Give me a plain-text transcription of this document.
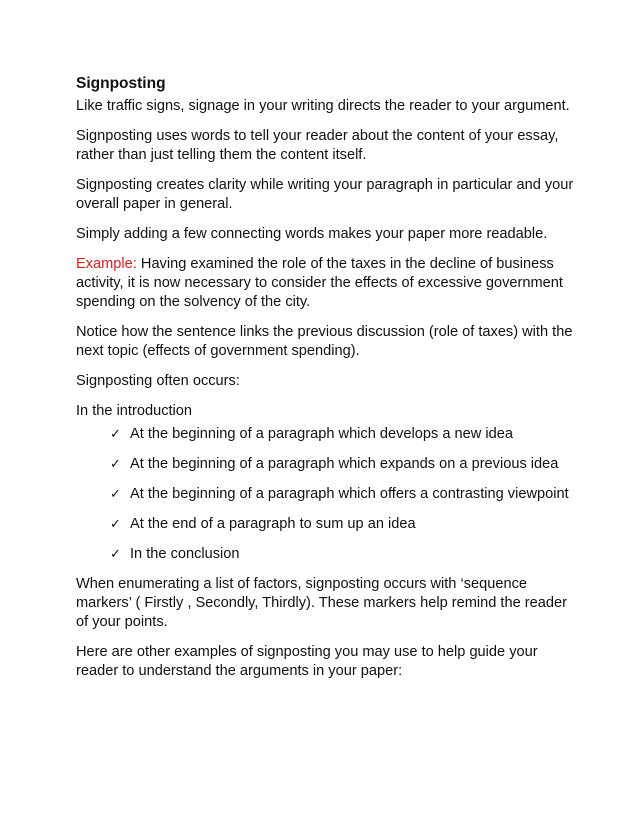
Signposting

Like traffic signs, signage in your writing directs the reader to your argument.

Signposting uses words to tell your reader about the content of your essay, rather than just telling them the content itself.

Signposting creates clarity while writing your paragraph in particular and your overall paper in general.

Simply adding a few connecting words makes your paper more readable.

Example: Having examined the role of the taxes in the decline of business activity, it is now necessary to consider the effects of excessive government spending on the solvency of the city.

Notice how the sentence links the previous discussion (role of taxes) with the next topic (effects of government spending).

Signposting often occurs:

In the introduction

✓ At the beginning of a paragraph which develops a new idea
✓ At the beginning of a paragraph which expands on a previous idea
✓ At the beginning of a paragraph which offers a contrasting viewpoint
✓ At the end of a paragraph to sum up an idea
✓ In the conclusion

When enumerating a list of factors, signposting occurs with ‘sequence markers’ ( Firstly , Secondly, Thirdly). These markers help remind the reader of your points.

Here are other examples of signposting you may use to help guide your reader to understand the arguments in your paper:
